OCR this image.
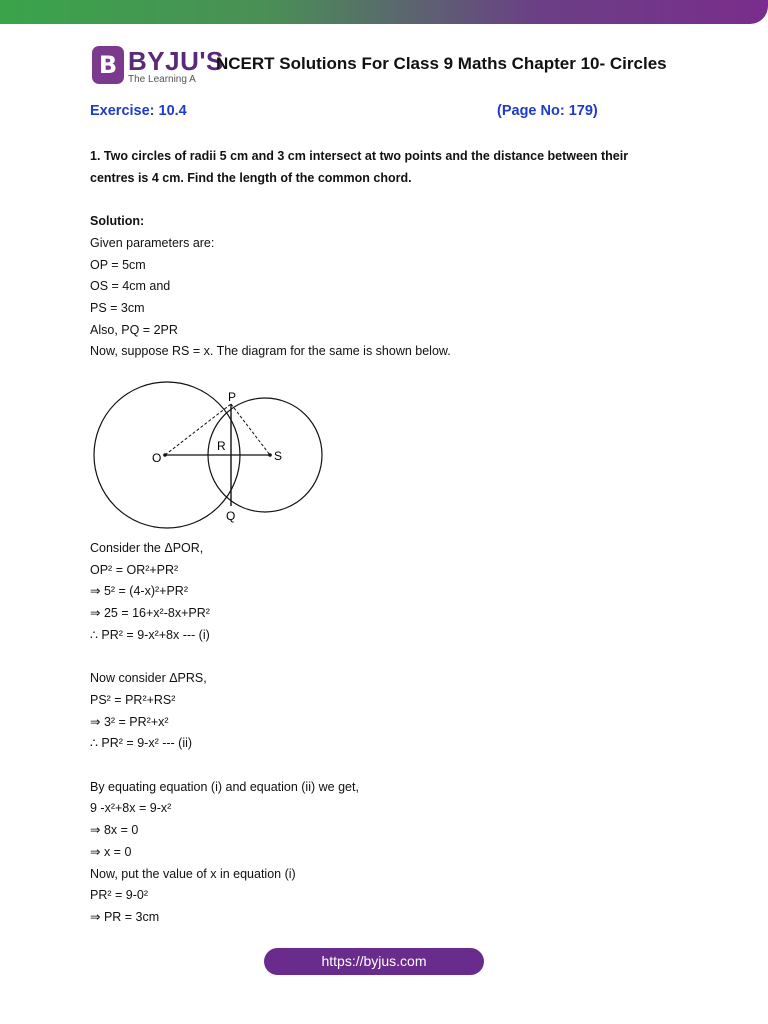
B BYJU'S
The Learning A
NCERT Solutions For Class 9 Maths Chapter 10- Circles
Exercise: 10.4	(Page No: 179)
1. Two circles of radii 5 cm and 3 cm intersect at two points and the distance between their
centres is 4 cm. Find the length of the common chord.
Solution:
Given parameters are:
OP = 5cm
OS = 4cm and
PS = 3cm
Also, PQ = 2PR
Now, suppose RS = x. The diagram for the same is shown below.
P
R
O	S
Q
Consider the ΔPOR,
OP² = OR²+PR²
⇒ 5² = (4-x)²+PR²
⇒ 25 = 16+x²-8x+PR²
∴ PR² = 9-x²+8x --- (i)
Now consider ΔPRS,
PS² = PR²+RS²
⇒ 3² = PR²+x²
∴ PR² = 9-x² --- (ii)
By equating equation (i) and equation (ii) we get,
9 -x²+8x = 9-x²
⇒ 8x = 0
⇒ x = 0
Now, put the value of x in equation (i)
PR² = 9-0²
⇒ PR = 3cm
https://byjus.com
